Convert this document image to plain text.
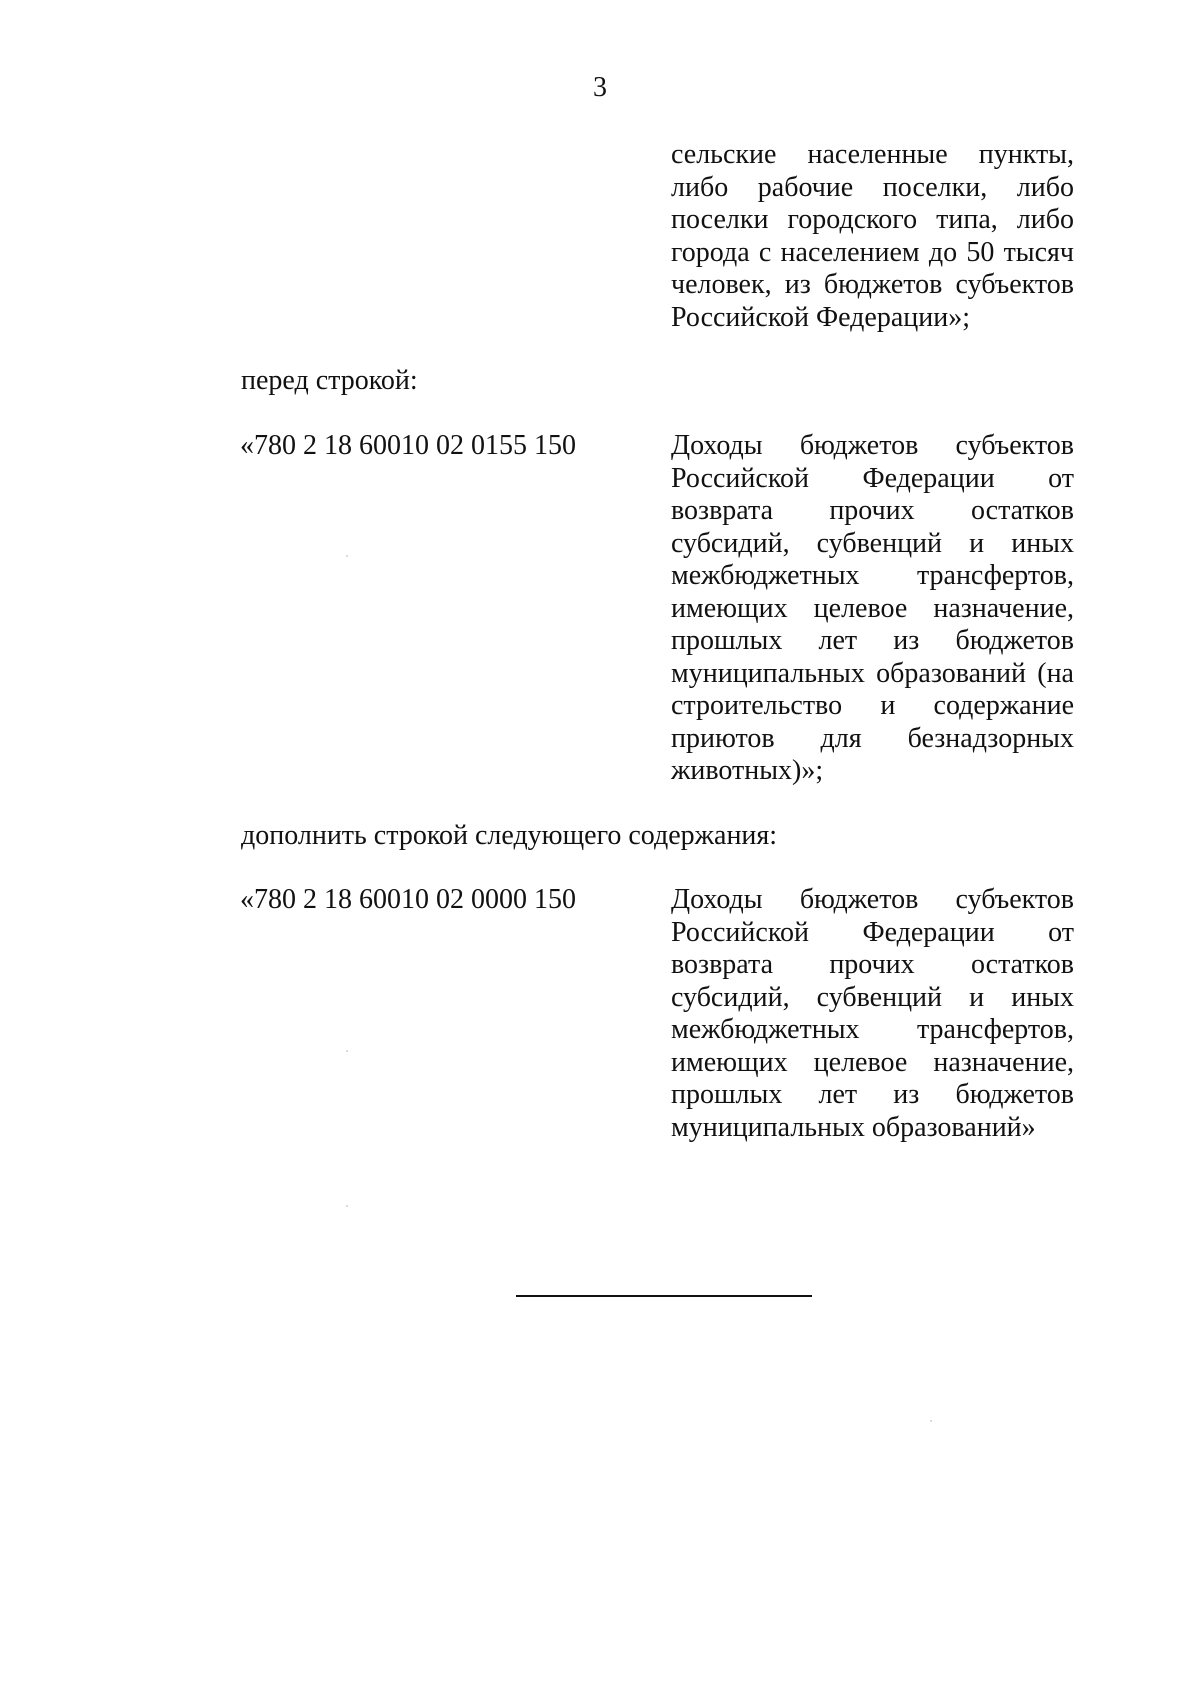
3
сельские населенные пункты,
либо рабочие поселки, либо
поселки городского типа, либо
города с населением до 50 тысяч
человек, из бюджетов субъектов
Российской Федерации»;
перед строкой:
«780 2 18 60010 02 0155 150	Доходы бюджетов субъектов
Российской Федерации от
возврата прочих остатков
субсидий, субвенций и иных
межбюджетных трансфертов,
имеющих целевое назначение,
прошлых лет из бюджетов
муниципальных образований (на
строительство и содержание
приютов для безнадзорных
животных)»;
дополнить строкой следующего содержания:
«780 2 18 60010 02 0000 150	Доходы бюджетов субъектов
Российской Федерации от
возврата прочих остатков
субсидий, субвенций и иных
межбюджетных трансфертов,
имеющих целевое назначение,
прошлых лет из бюджетов
муниципальных образований»
